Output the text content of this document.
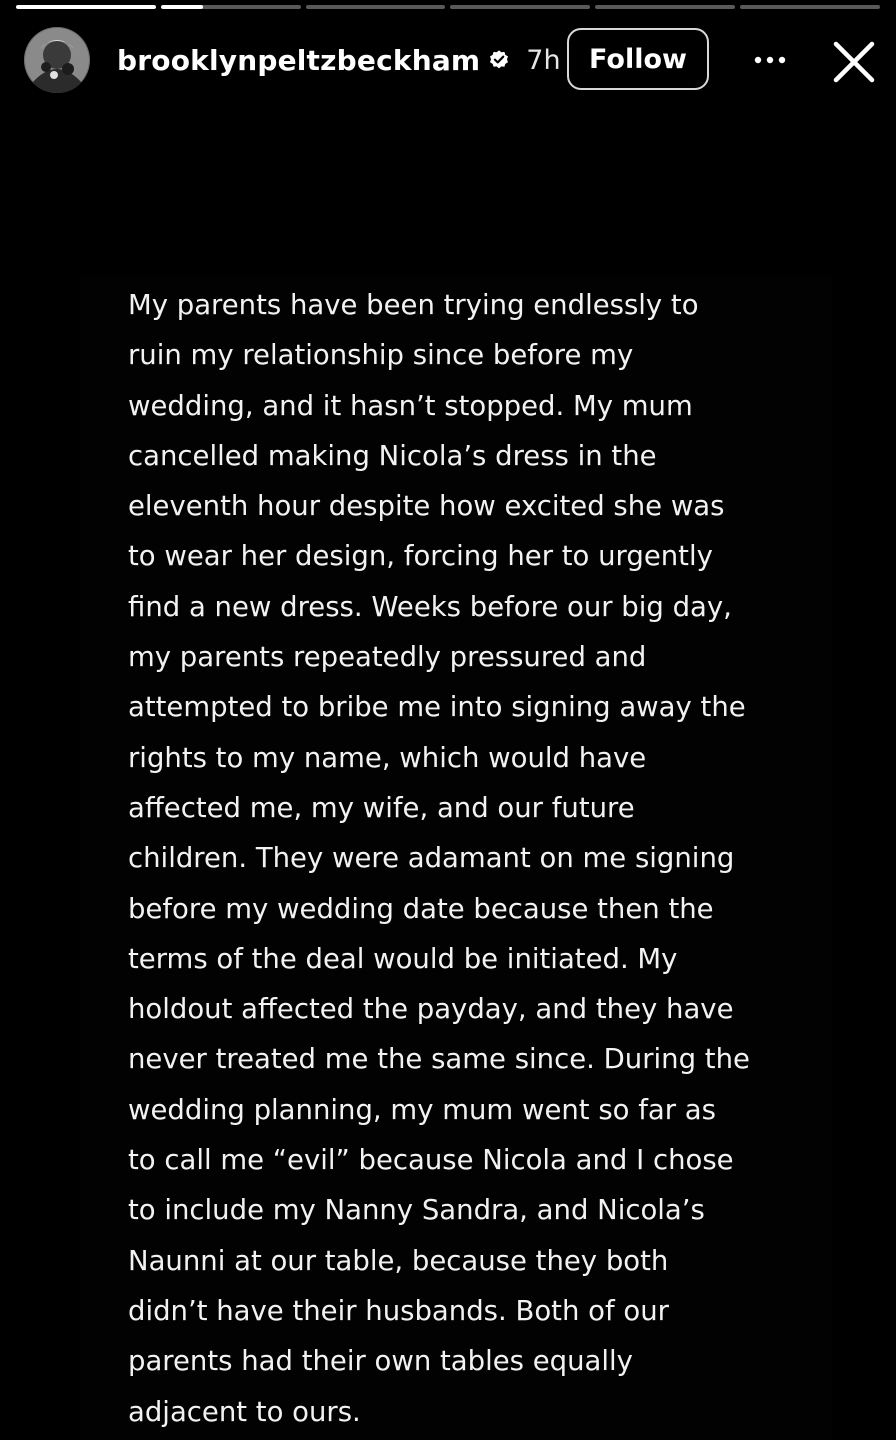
brooklynpeltzbeckham 7h	Follow
My parents have been trying endlessly to
ruin my relationship since before my
wedding, and it hasn’t stopped. My mum
cancelled making Nicola’s dress in the
eleventh hour despite how excited she was
to wear her design, forcing her to urgently
find a new dress. Weeks before our big day,
my parents repeatedly pressured and
attempted to bribe me into signing away the
rights to my name, which would have
affected me, my wife, and our future
children. They were adamant on me signing
before my wedding date because then the
terms of the deal would be initiated. My
holdout affected the payday, and they have
never treated me the same since. During the
wedding planning, my mum went so far as
to call me “evil” because Nicola and I chose
to include my Nanny Sandra, and Nicola’s
Naunni at our table, because they both
didn’t have their husbands. Both of our
parents had their own tables equally
adjacent to ours.
